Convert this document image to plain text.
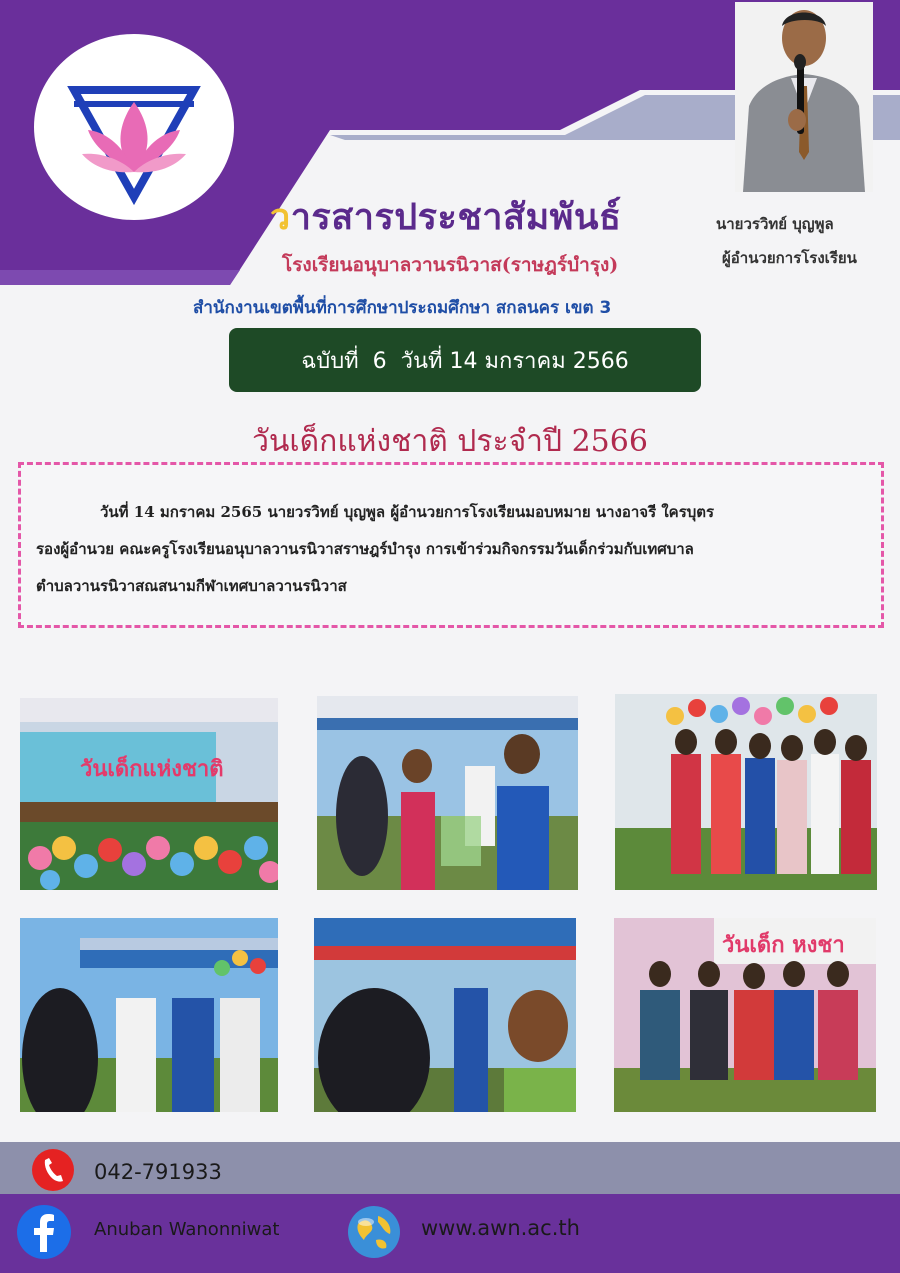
วารสารประชาสัมพันธ์
โรงเรียนอนุบาลวานรนิวาส(ราษฎร์บำรุง)
สำนักงานเขตพื้นที่การศึกษาประถมศึกษา สกลนคร เขต 3
นายวรวิทย์ บุญพูล
ผู้อำนวยการโรงเรียน
ฉบับที่  6  วันที่ 14 มกราคม 2566
วันเด็กแห่งชาติ ประจำปี 2566

วันที่ 14 มกราคม 2565 นายวรวิทย์ บุญพูล ผู้อำนวยการโรงเรียนมอบหมาย นางอาจรี ใครบุตร

รองผู้อำนวย คณะครูโรงเรียนอนุบาลวานรนิวาสราษฎร์บำรุง การเข้าร่วมกิจกรรมวันเด็กร่วมกับเทศบาล

ตำบลวานรนิวาสณสนามกีฬาเทศบาลวานรนิวาส

วันเด็กแห่งชาติ
วันเด็ก หงชา
042-791933
Anuban Wanonniwat	www.awn.ac.th
